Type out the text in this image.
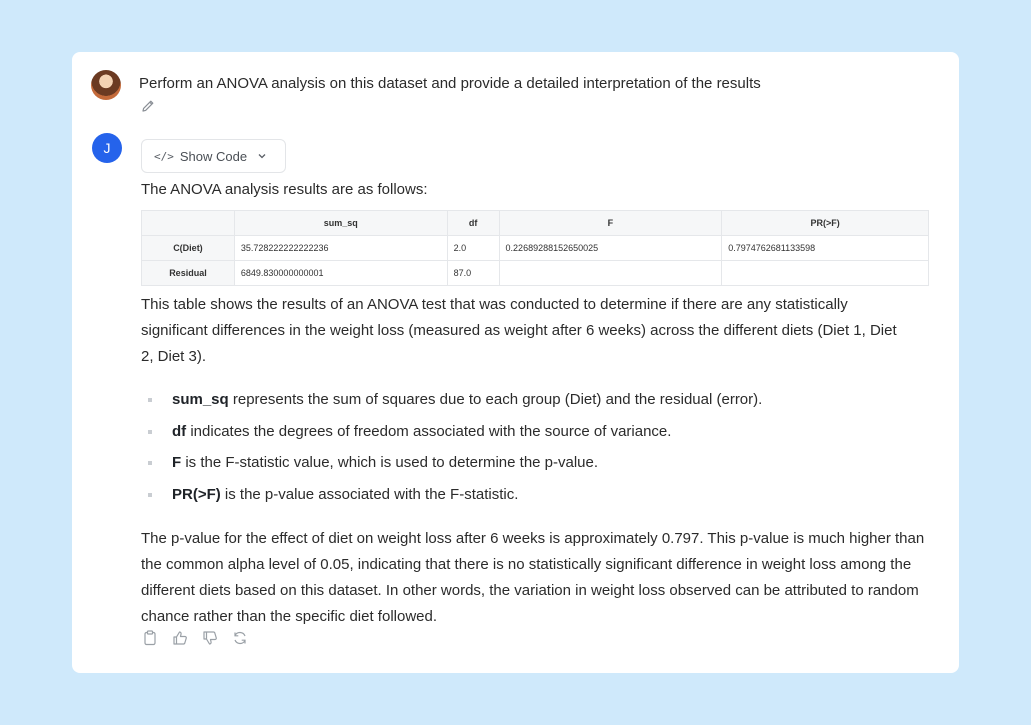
Perform an ANOVA analysis on this dataset and provide a detailed interpretation of the results
J	</> Show Code
The ANOVA analysis results are as follows:
	sum_sq	df	F	PR(>F)
C(Diet)	35.728222222222236	2.0	0.22689288152650025	0.7974762681133598
Residual	6849.830000000001	87.0		
This table shows the results of an ANOVA test that was conducted to determine if there are any statistically significant differences in the weight loss (measured as weight after 6 weeks) across the different diets (Diet 1, Diet 2, Diet 3).
sum_sq represents the sum of squares due to each group (Diet) and the residual (error).
df indicates the degrees of freedom associated with the source of variance.
F is the F-statistic value, which is used to determine the p-value.
PR(>F) is the p-value associated with the F-statistic.
The p-value for the effect of diet on weight loss after 6 weeks is approximately 0.797. This p-value is much higher than the common alpha level of 0.05, indicating that there is no statistically significant difference in weight loss among the different diets based on this dataset. In other words, the variation in weight loss observed can be attributed to random chance rather than the specific diet followed.
